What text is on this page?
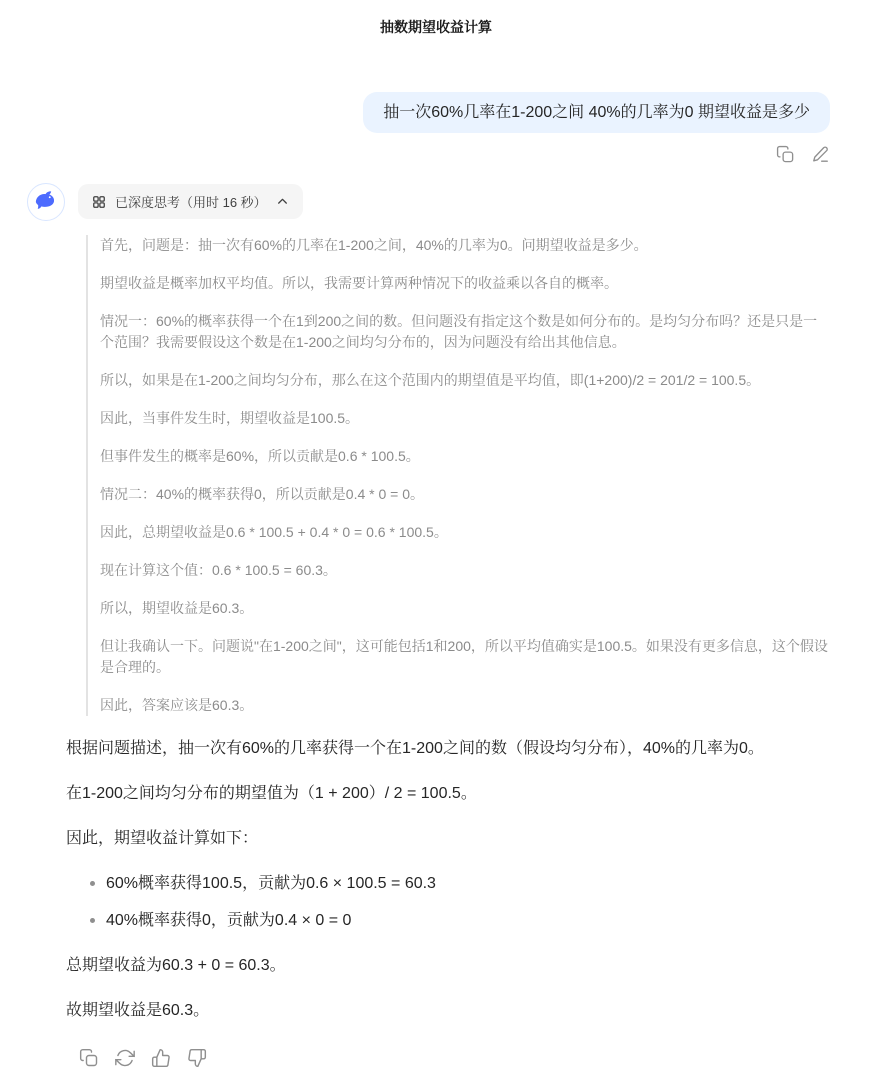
抽数期望收益计算
抽一次60%几率在1-200之间 40%的几率为0 期望收益是多少
已深度思考（用时 16 秒）

首先，问题是：抽一次有60%的几率在1-200之间，40%的几率为0。问期望收益是多少。

期望收益是概率加权平均值。所以，我需要计算两种情况下的收益乘以各自的概率。

情况一：60%的概率获得一个在1到200之间的数。但问题没有指定这个数是如何分布的。是均匀分布吗？还是只是一个范围？我需要假设这个数是在1-200之间均匀分布的，因为问题没有给出其他信息。

所以，如果是在1-200之间均匀分布，那么在这个范围内的期望值是平均值，即(1+200)/2 = 201/2 = 100.5。

因此，当事件发生时，期望收益是100.5。

但事件发生的概率是60%，所以贡献是0.6 * 100.5。

情况二：40%的概率获得0，所以贡献是0.4 * 0 = 0。

因此，总期望收益是0.6 * 100.5 + 0.4 * 0 = 0.6 * 100.5。

现在计算这个值：0.6 * 100.5 = 60.3。

所以，期望收益是60.3。

但让我确认一下。问题说"在1-200之间"，这可能包括1和200，所以平均值确实是100.5。如果没有更多信息，这个假设是合理的。

因此，答案应该是60.3。

根据问题描述，抽一次有60%的几率获得一个在1-200之间的数（假设均匀分布），40%的几率为0。

在1-200之间均匀分布的期望值为（1 + 200）/ 2 = 100.5。

因此，期望收益计算如下：

60%概率获得100.5，贡献为0.6 × 100.5 = 60.3
40%概率获得0，贡献为0.4 × 0 = 0

总期望收益为60.3 + 0 = 60.3。

故期望收益是60.3。
